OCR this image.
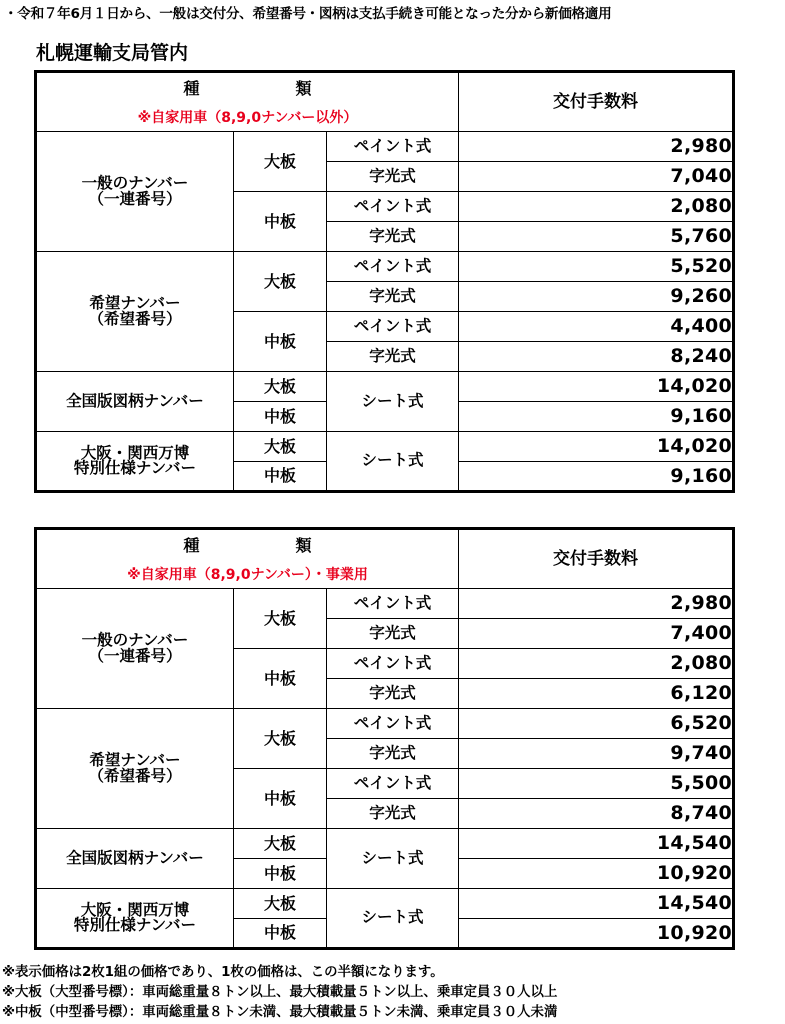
・令和７年6月１日から、一般は交付分、希望番号・図柄は支払手続き可能となった分から新価格適用
札幌運輸支局管内
種　類
※自家用車（8,9,0ナンバー以外）			交付手数料

一般のナンバー
（一連番号）	大板	ペイント式	2,980
		字光式	7,040
	中板	ペイント式	2,080
		字光式	5,760

希望ナンバー
（希望番号）	大板	ペイント式	5,520
		字光式	9,260
	中板	ペイント式	4,400
		字光式	8,240
全国版図柄ナンバー	大板	シート式	14,020
	中板		9,160

大阪・関西万博
特別仕様ナンバー	大板	シート式	14,020
	中板		9,160
種　類
※自家用車（8,9,0ナンバー）・事業用			交付手数料

一般のナンバー
（一連番号）	大板	ペイント式	2,980
		字光式	7,400
	中板	ペイント式	2,080
		字光式	6,120

希望ナンバー
（希望番号）	大板	ペイント式	6,520
		字光式	9,740
	中板	ペイント式	5,500
		字光式	8,740
全国版図柄ナンバー	大板	シート式	14,540
	中板		10,920

大阪・関西万博
特別仕様ナンバー	大板	シート式	14,540
	中板		10,920
※表示価格は2枚1組の価格であり、1枚の価格は、この半額になります。
※大板（大型番号標）：車両総重量８トン以上、最大積載量５トン以上、乗車定員３０人以上
※中板（中型番号標）：車両総重量８トン未満、最大積載量５トン未満、乗車定員３０人未満
